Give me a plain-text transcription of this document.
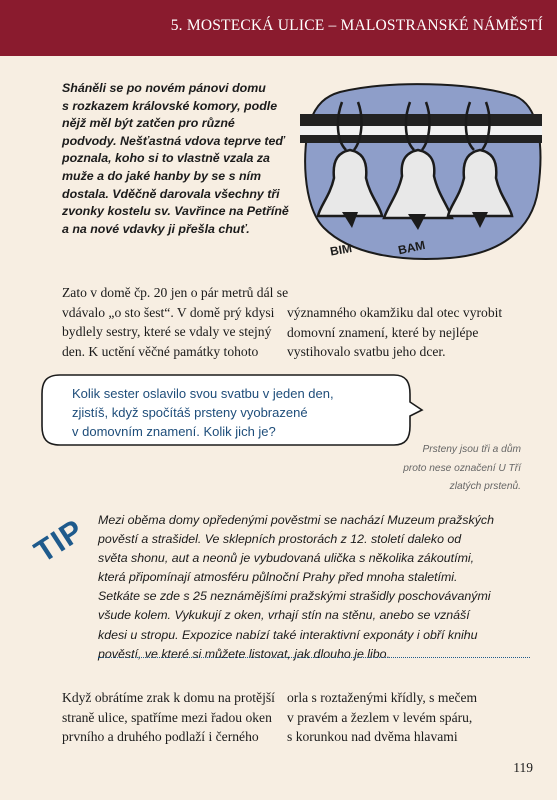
5. MOSTECKÁ ULICE – MALOSTRANSKÉ NÁMĚSTÍ
Sháněli se po novém pánovi domu
s rozkazem královské komory, podle
nějž měl být zatčen pro různé
podvody. Nešťastná vdova teprve teď
poznala, koho si to vlastně vzala za
muže a do jaké hanby by se s ním
dostala. Vděčně darovala všechny tři
zvonky kostelu sv. Vavřince na Petříně
a na nové vdavky ji přešla chuť.
BIM	BAM
Zato v domě čp. 20 jen o pár metrů dál se
vdávalo „o sto šest“. V domě prý kdysi
bydlely sestry, které se vdaly ve stejný
den. K uctění věčné památky tohoto
významného okamžiku dal otec vyrobit
domovní znamení, které by nejlépe
vystihovalo svatbu jeho dcer.
Kolik sester oslavilo svou svatbu v jeden den,
zjistíš, když spočítáš prsteny vyobrazené
v domovním znamení. Kolik jich je?
Prsteny jsou tři a dům
proto nese označení U Tří
zlatých prstenů.
TIP Mezi oběma domy opředenými pověstmi se nachází Muzeum pražských
pověstí a strašidel. Ve sklepních prostorách z 12. století daleko od
světa shonu, aut a neonů je vybudovaná ulička s několika zákoutími,
která připomínají atmosféru půlnoční Prahy před mnoha staletími.
Setkáte se zde s 25 neznámějšími pražskými strašidly poschovávanými
všude kolem. Vykukují z oken, vrhají stín na stěnu, anebo se vznáší
kdesi u stropu. Expozice nabízí také interaktivní exponáty i obří knihu
pověstí, ve které si můžete listovat, jak dlouho je libo.
Když obrátíme zrak k domu na protější
straně ulice, spatříme mezi řadou oken
prvního a druhého podlaží i černého
orla s roztaženými křídly, s mečem
v pravém a žezlem v levém spáru,
s korunkou nad dvěma hlavami
119
